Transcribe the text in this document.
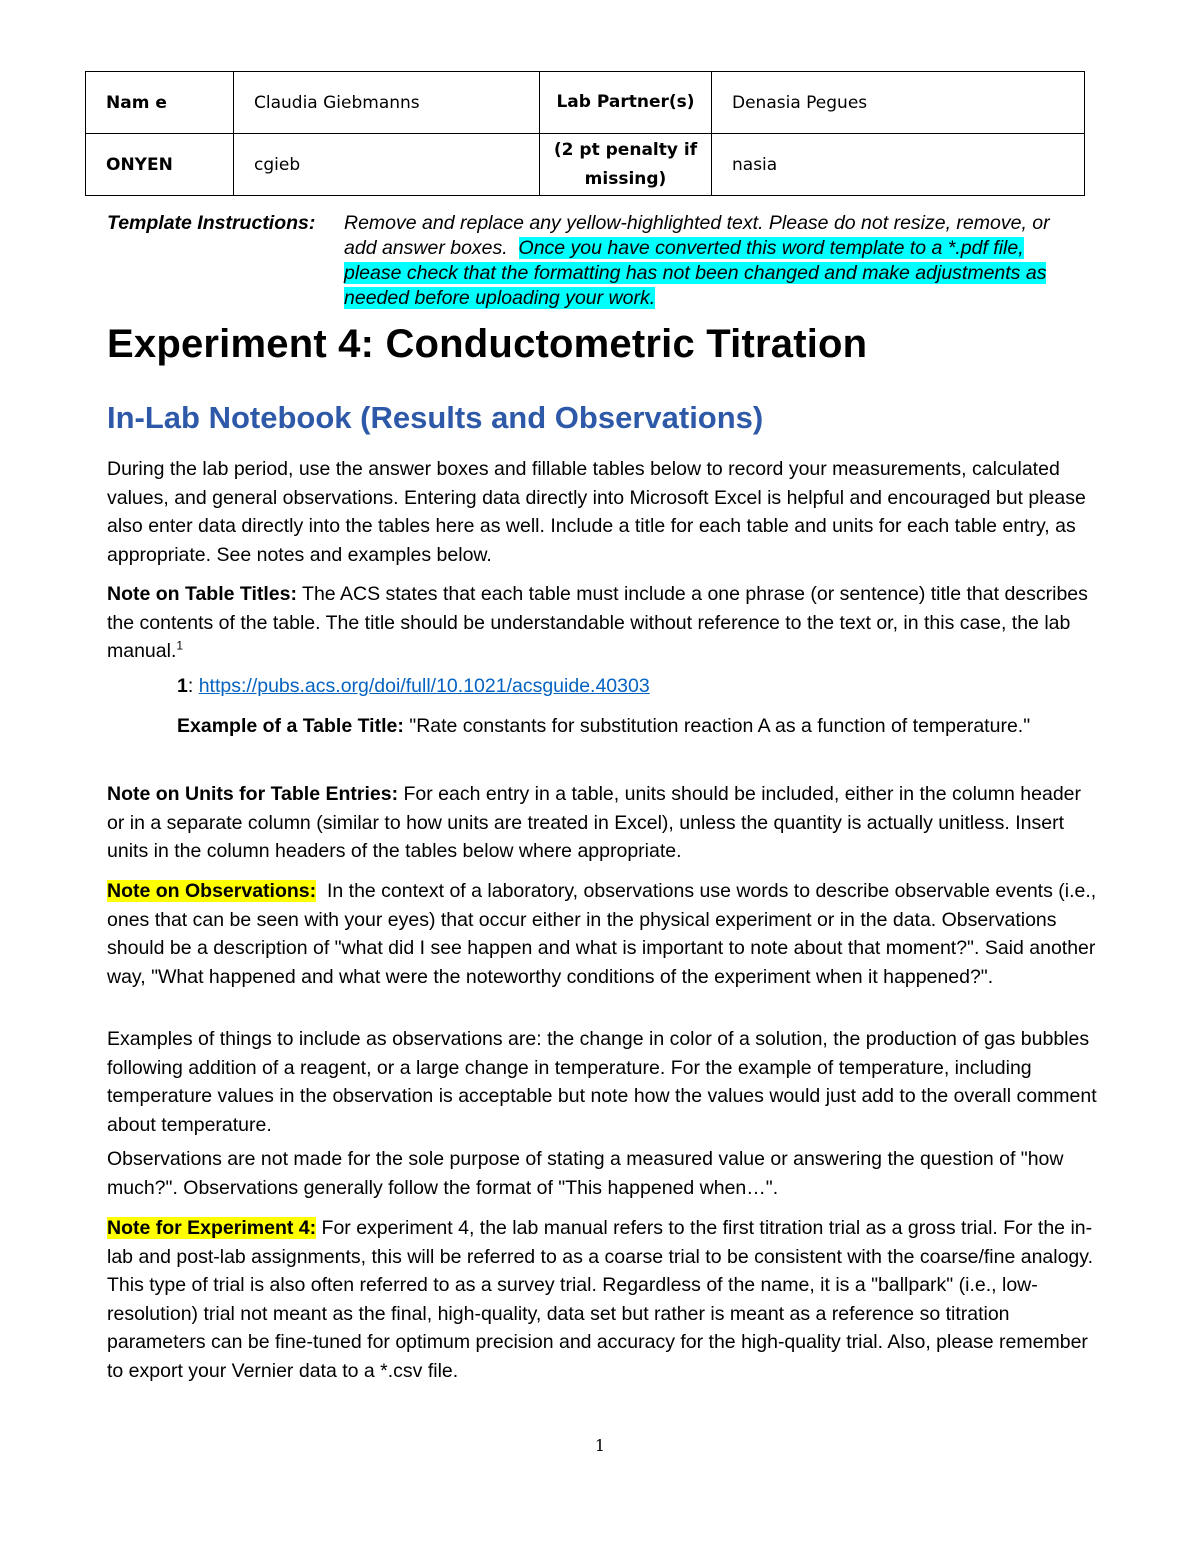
Nam e	Claudia Giebmanns	Lab Partner(s)	Denasia Pegues
ONYEN	cgieb	(2 pt penalty if missing)	nasia
Template Instructions: Remove and replace any yellow-highlighted text. Please do not resize, remove, or add answer boxes. Once you have converted this word template to a *.pdf file, please check that the formatting has not been changed and make adjustments as needed before uploading your work.
Experiment 4: Conductometric Titration
In-Lab Notebook (Results and Observations)

During the lab period, use the answer boxes and fillable tables below to record your measurements, calculated values, and general observations. Entering data directly into Microsoft Excel is helpful and encouraged but please also enter data directly into the tables here as well. Include a title for each table and units for each table entry, as appropriate. See notes and examples below.

Note on Table Titles: The ACS states that each table must include a one phrase (or sentence) title that describes the contents of the table. The title should be understandable without reference to the text or, in this case, the lab manual.$^1$

1: https://pubs.acs.org/doi/full/10.1021/acsguide.40303

Example of a Table Title: "Rate constants for substitution reaction A as a function of temperature."

Note on Units for Table Entries: For each entry in a table, units should be included, either in the column header or in a separate column (similar to how units are treated in Excel), unless the quantity is actually unitless. Insert units in the column headers of the tables below where appropriate.

Note on Observations: In the context of a laboratory, observations use words to describe observable events (i.e., ones that can be seen with your eyes) that occur either in the physical experiment or in the data. Observations should be a description of "what did I see happen and what is important to note about that moment?". Said another way, "What happened and what were the noteworthy conditions of the experiment when it happened?".

Examples of things to include as observations are: the change in color of a solution, the production of gas bubbles following addition of a reagent, or a large change in temperature. For the example of temperature, including temperature values in the observation is acceptable but note how the values would just add to the overall comment about temperature.

Observations are not made for the sole purpose of stating a measured value or answering the question of "how much?". Observations generally follow the format of "This happened when…".

Note for Experiment 4: For experiment 4, the lab manual refers to the first titration trial as a gross trial. For the in-lab and post-lab assignments, this will be referred to as a coarse trial to be consistent with the coarse/fine analogy. This type of trial is also often referred to as a survey trial. Regardless of the name, it is a "ballpark" (i.e., low-resolution) trial not meant as the final, high-quality, data set but rather is meant as a reference so titration parameters can be fine-tuned for optimum precision and accuracy for the high-quality trial. Also, please remember to export your Vernier data to a *.csv file.

1
